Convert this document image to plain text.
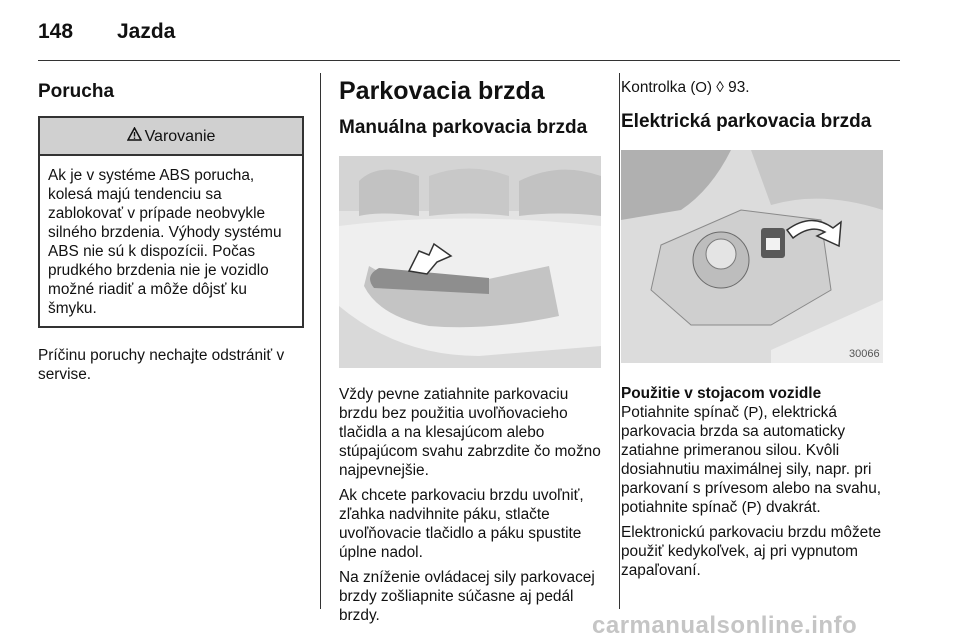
148 Jazda
Porucha
Varovanie
Ak je v systéme ABS porucha, kolesá majú tendenciu sa zablokovať v prípade neobvykle silného brzdenia. Výhody systému ABS nie sú k dispozícii. Počas prudkého brzdenia nie je vozidlo možné riadiť a môže dôjsť ku šmyku.

Príčinu poruchy nechajte odstrániť v servise.

Parkovacia brzda
Manuálna parkovacia brzda

Vždy pevne zatiahnite parkovaciu brzdu bez použitia uvoľňovacieho tlačidla a na klesajúcom alebo stúpajúcom svahu zabrzdite čo možno najpevnejšie.

Ak chcete parkovaciu brzdu uvoľniť, zľahka nadvihnite páku, stlačte uvoľňovacie tlačidlo a páku spustite úplne nadol.

Na zníženie ovládacej sily parkovacej brzdy zošliapnite súčasne aj pedál brzdy.

Kontrolka (O) ◊ 93.

Elektrická parkovacia brzda
30066

Použitie v stojacom vozidle

Potiahnite spínač (P), elektrická parkovacia brzda sa automaticky zatiahne primeranou silou. Kvôli dosiahnutiu maximálnej sily, napr. pri parkovaní s prívesom alebo na svahu, potiahnite spínač (P) dvakrát.

Elektronickú parkovaciu brzdu môžete použiť kedykoľvek, aj pri vypnutom zapaľovaní.

carmanualsonline.info
